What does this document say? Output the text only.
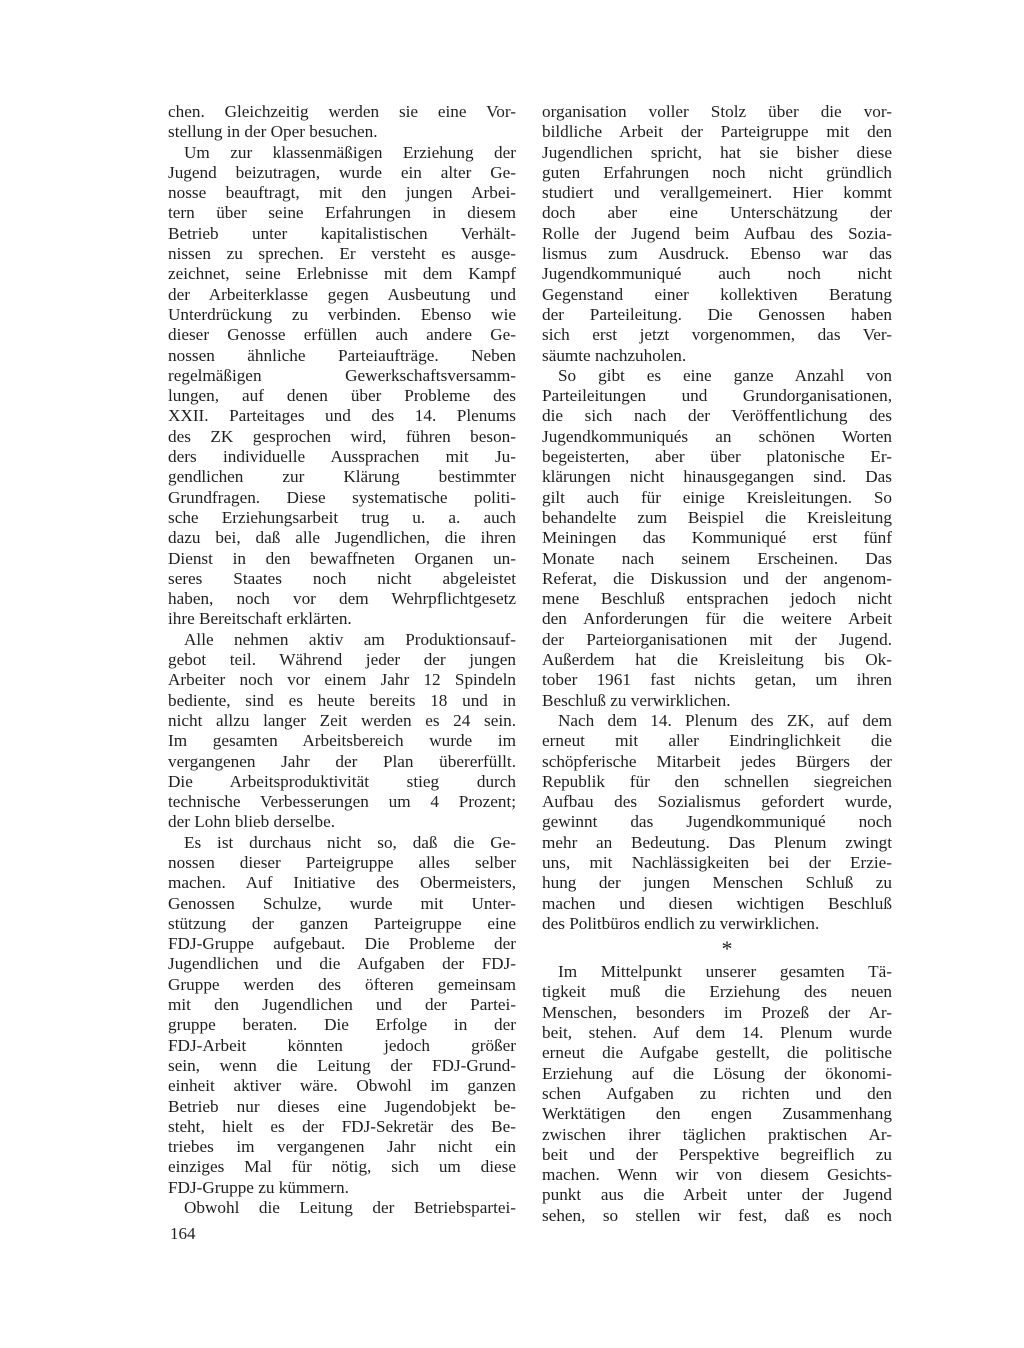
chen. Gleichzeitig werden sie eine Vor-
stellung in der Oper besuchen.
Um zur klassenmäßigen Erziehung der
Jugend beizutragen, wurde ein alter Ge-
nosse beauftragt, mit den jungen Arbei-
tern über seine Erfahrungen in diesem
Betrieb unter kapitalistischen Verhält-
nissen zu sprechen. Er versteht es ausge-
zeichnet, seine Erlebnisse mit dem Kampf
der Arbeiterklasse gegen Ausbeutung und
Unterdrückung zu verbinden. Ebenso wie
dieser Genosse erfüllen auch andere Ge-
nossen ähnliche Parteiaufträge. Neben
regelmäßigen Gewerkschaftsversamm-
lungen, auf denen über Probleme des
XXII. Parteitages und des 14. Plenums
des ZK gesprochen wird, führen beson-
ders individuelle Aussprachen mit Ju-
gendlichen zur Klärung bestimmter
Grundfragen. Diese systematische politi-
sche Erziehungsarbeit trug u. a. auch
dazu bei, daß alle Jugendlichen, die ihren
Dienst in den bewaffneten Organen un-
seres Staates noch nicht abgeleistet
haben, noch vor dem Wehrpflichtgesetz
ihre Bereitschaft erklärten.
Alle nehmen aktiv am Produktionsauf-
gebot teil. Während jeder der jungen
Arbeiter noch vor einem Jahr 12 Spindeln
bediente, sind es heute bereits 18 und in
nicht allzu langer Zeit werden es 24 sein.
Im gesamten Arbeitsbereich wurde im
vergangenen Jahr der Plan übererfüllt.
Die Arbeitsproduktivität stieg durch
technische Verbesserungen um 4 Prozent;
der Lohn blieb derselbe.
Es ist durchaus nicht so, daß die Ge-
nossen dieser Parteigruppe alles selber
machen. Auf Initiative des Obermeisters,
Genossen Schulze, wurde mit Unter-
stützung der ganzen Parteigruppe eine
FDJ-Gruppe aufgebaut. Die Probleme der
Jugendlichen und die Aufgaben der FDJ-
Gruppe werden des öfteren gemeinsam
mit den Jugendlichen und der Partei-
gruppe beraten. Die Erfolge in der
FDJ-Arbeit könnten jedoch größer
sein, wenn die Leitung der FDJ-Grund-
einheit aktiver wäre. Obwohl im ganzen
Betrieb nur dieses eine Jugendobjekt be-
steht, hielt es der FDJ-Sekretär des Be-
triebes im vergangenen Jahr nicht ein
einziges Mal für nötig, sich um diese
FDJ-Gruppe zu kümmern.
Obwohl die Leitung der Betriebspartei-
organisation voller Stolz über die vor-
bildliche Arbeit der Parteigruppe mit den
Jugendlichen spricht, hat sie bisher diese
guten Erfahrungen noch nicht gründlich
studiert und verallgemeinert. Hier kommt
doch aber eine Unterschätzung der
Rolle der Jugend beim Aufbau des Sozia-
lismus zum Ausdruck. Ebenso war das
Jugendkommuniqué auch noch nicht
Gegenstand einer kollektiven Beratung
der Parteileitung. Die Genossen haben
sich erst jetzt vorgenommen, das Ver-
säumte nachzuholen.
So gibt es eine ganze Anzahl von
Parteileitungen und Grundorganisationen,
die sich nach der Veröffentlichung des
Jugendkommuniqués an schönen Worten
begeisterten, aber über platonische Er-
klärungen nicht hinausgegangen sind. Das
gilt auch für einige Kreisleitungen. So
behandelte zum Beispiel die Kreisleitung
Meiningen das Kommuniqué erst fünf
Monate nach seinem Erscheinen. Das
Referat, die Diskussion und der angenom-
mene Beschluß entsprachen jedoch nicht
den Anforderungen für die weitere Arbeit
der Parteiorganisationen mit der Jugend.
Außerdem hat die Kreisleitung bis Ok-
tober 1961 fast nichts getan, um ihren
Beschluß zu verwirklichen.
Nach dem 14. Plenum des ZK, auf dem
erneut mit aller Eindringlichkeit die
schöpferische Mitarbeit jedes Bürgers der
Republik für den schnellen siegreichen
Aufbau des Sozialismus gefordert wurde,
gewinnt das Jugendkommuniqué noch
mehr an Bedeutung. Das Plenum zwingt
uns, mit Nachlässigkeiten bei der Erzie-
hung der jungen Menschen Schluß zu
machen und diesen wichtigen Beschluß
des Politbüros endlich zu verwirklichen.
*
Im Mittelpunkt unserer gesamten Tä-
tigkeit muß die Erziehung des neuen
Menschen, besonders im Prozeß der Ar-
beit, stehen. Auf dem 14. Plenum wurde
erneut die Aufgabe gestellt, die politische
Erziehung auf die Lösung der ökonomi-
schen Aufgaben zu richten und den
Werktätigen den engen Zusammenhang
zwischen ihrer täglichen praktischen Ar-
beit und der Perspektive begreiflich zu
machen. Wenn wir von diesem Gesichts-
punkt aus die Arbeit unter der Jugend
sehen, so stellen wir fest, daß es noch
164
